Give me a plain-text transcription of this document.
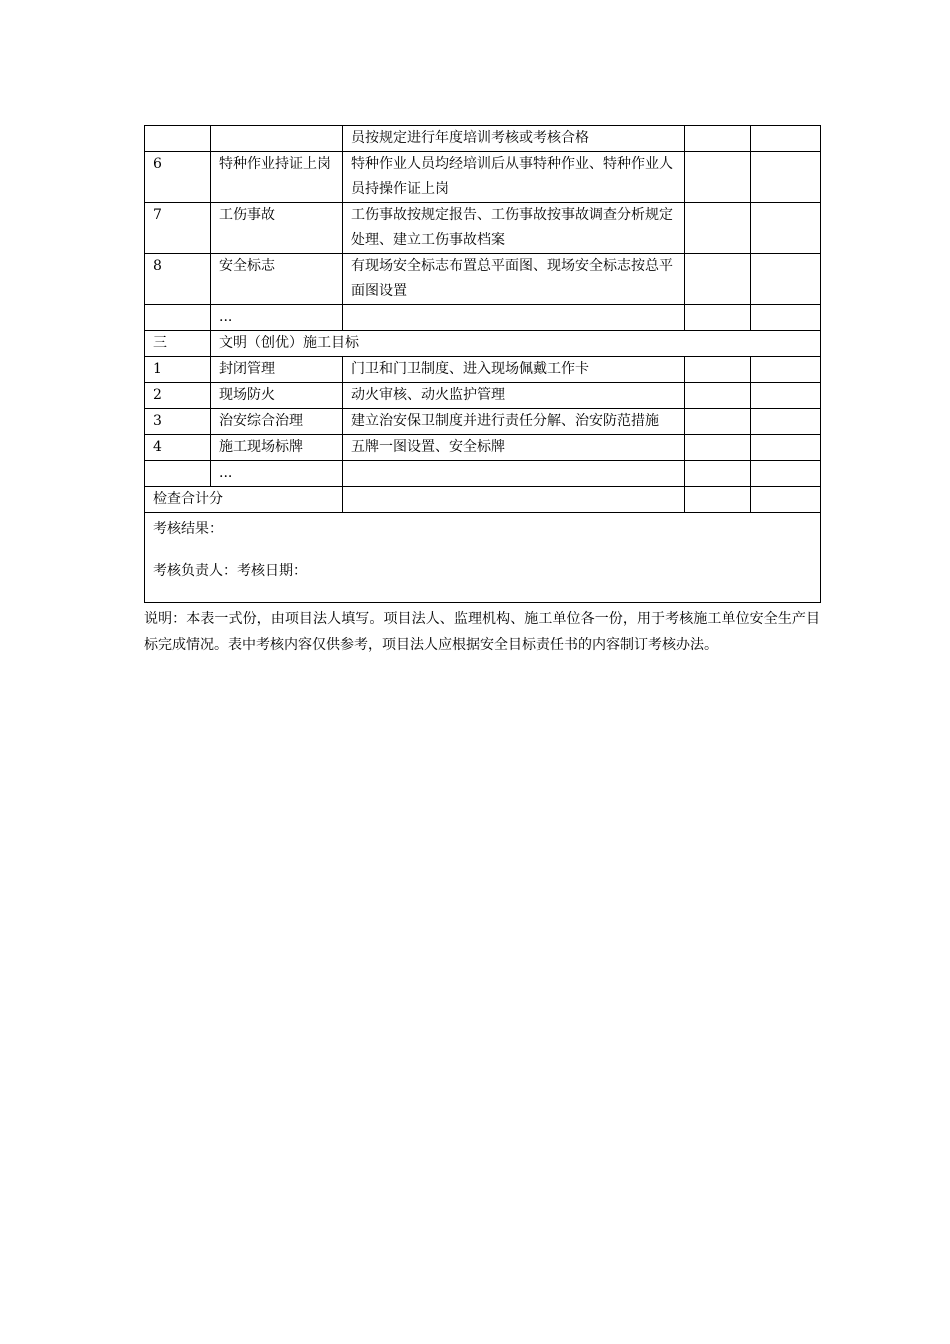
		员按规定进行年度培训考核或考核合格		
6	特种作业持证上岗	特种作业人员均经培训后从事特种作业、特种作业人员持操作证上岗		
7	工伤事故	工伤事故按规定报告、工伤事故按事故调查分析规定处理、建立工伤事故档案		
8	安全标志	有现场安全标志布置总平面图、现场安全标志按总平面图设置		
	...			
三	文明（创优）施工目标			
1	封闭管理	门卫和门卫制度、进入现场佩戴工作卡		
2	现场防火	动火审核、动火监护管理		
3	治安综合治理	建立治安保卫制度并进行责任分解、治安防范措施		
4	施工现场标牌	五牌一图设置、安全标牌		
	...			
检查合计分				

考核结果：
考核负责人：考核日期：				
说明：本表一式份，由项目法人填写。项目法人、监理机构、施工单位各一份，用于考核施工单位安全生产目标完成情况。表中考核内容仅供参考，项目法人应根据安全目标责任书的内容制订考核办法。
